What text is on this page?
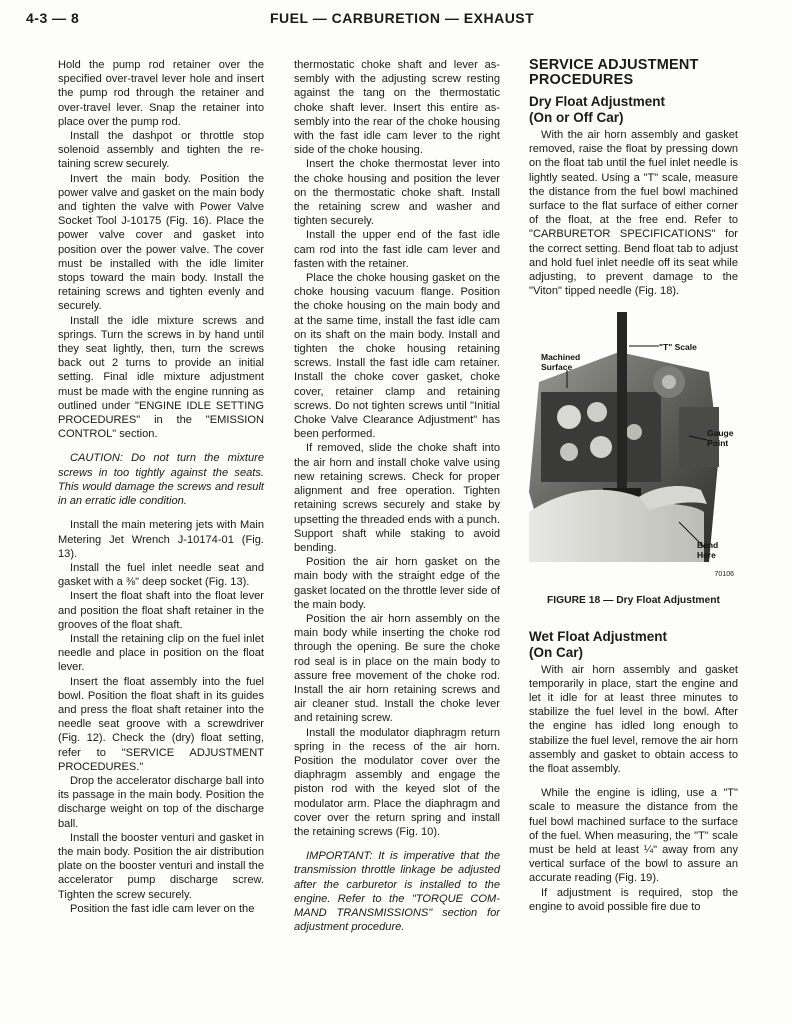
4-3 — 8	FUEL — CARBURETION — EXHAUST

Hold the pump rod retainer over the specified over-travel lever hole and insert the pump rod through the retainer and over-travel lever. Snap the retainer into place over the pump rod.

Install the dashpot or throttle stop solenoid assembly and tighten the retaining screw securely.

Invert the main body. Position the power valve and gasket on the main body and tighten the valve with Power Valve Socket Tool J-10175 (Fig. 16). Place the power valve cover and gasket into position over the power valve. The cover must be installed with the idle limiter stops toward the main body. Install the retaining screws and tighten evenly and securely.

Install the idle mixture screws and springs. Turn the screws in by hand until they seat lightly, then, turn the screws back out 2 turns to provide an initial setting. Final idle mixture adjustment must be made with the engine running as outlined under "ENGINE IDLE SETTING PROCEDURES" in the "EMISSION CONTROL" section.

CAUTION: Do not turn the mixture screws in too tightly against the seats. This would damage the screws and result in an erratic idle condition.

Install the main metering jets with Main Metering Jet Wrench J-10174-01 (Fig. 13).

Install the fuel inlet needle seat and gasket with a ⅜" deep socket (Fig. 13).

Insert the float shaft into the float lever and position the float shaft retainer in the grooves of the float shaft.

Install the retaining clip on the fuel inlet needle and place in position on the float lever.

Insert the float assembly into the fuel bowl. Position the float shaft in its guides and press the float shaft retainer into the needle seat groove with a screwdriver (Fig. 12). Check the (dry) float setting, refer to "SERVICE ADJUSTMENT PROCEDURES."

Drop the accelerator discharge ball into its passage in the main body. Position the discharge weight on top of the discharge ball.

Install the booster venturi and gasket in the main body. Position the air distribution plate on the booster venturi and install the accelerator pump discharge screw. Tighten the screw securely.

Position the fast idle cam lever on the

thermostatic choke shaft and lever assembly with the adjusting screw resting against the tang on the thermostatic choke shaft lever. Insert this entire assembly into the rear of the choke housing with the fast idle cam lever to the right side of the choke housing.

Insert the choke thermostat lever into the choke housing and position the lever on the thermostatic choke shaft. Install the retaining screw and washer and tighten securely.

Install the upper end of the fast idle cam rod into the fast idle cam lever and fasten with the retainer.

Place the choke housing gasket on the choke housing vacuum flange. Position the choke housing on the main body and at the same time, install the fast idle cam on its shaft on the main body. Install and tighten the choke housing retaining screws. Install the fast idle cam retainer. Install the choke cover gasket, choke cover, retainer clamp and retaining screws. Do not tighten screws until "Initial Choke Valve Clearance Adjustment" has been performed.

If removed, slide the choke shaft into the air horn and install choke valve using new retaining screws. Check for proper alignment and free operation. Tighten retaining screws securely and stake by upsetting the threaded ends with a punch. Support shaft while staking to avoid bending.

Position the air horn gasket on the main body with the straight edge of the gasket located on the throttle lever side of the main body.

Position the air horn assembly on the main body while inserting the choke rod through the opening. Be sure the choke rod seal is in place on the main body to assure free movement of the choke rod. Install the air horn retaining screws and air cleaner stud. Install the choke lever and retaining screw.

Install the modulator diaphragm return spring in the recess of the air horn. Position the modulator cover over the diaphragm assembly and engage the piston rod with the keyed slot of the modulator arm. Place the diaphragm and cover over the return spring and install the retaining screws (Fig. 10).

IMPORTANT: It is imperative that the transmission throttle linkage be adjusted after the carburetor is installed to the engine. Refer to the "TORQUE COMMAND TRANSMISSIONS" section for adjustment procedure.

SERVICE ADJUSTMENT
PROCEDURES
Dry Float Adjustment
(On or Off Car)

With the air horn assembly and gasket removed, raise the float by pressing down on the float tab until the fuel inlet needle is lightly seated. Using a "T" scale, measure the distance from the fuel bowl machined surface to the flat surface of either corner of the float, at the free end. Refer to "CARBURETOR SPECIFICATIONS" for the correct setting. Bend float tab to adjust and hold fuel inlet needle off its seat while adjusting, to prevent damage to the "Viton" tipped needle (Fig. 18).

"T" Scale
Machined
Surface
Gauge
Point
Bend
Here
70106
FIGURE 18 — Dry Float Adjustment
Wet Float Adjustment
(On Car)

With air horn assembly and gasket temporarily in place, start the engine and let it idle for at least three minutes to stabilize the fuel level in the bowl. After the engine has idled long enough to stabilize the fuel level, remove the air horn assembly and gasket to obtain access to the float assembly.

While the engine is idling, use a "T" scale to measure the distance from the fuel bowl machined surface to the surface of the fuel. When measuring, the "T" scale must be held at least ¼" away from any vertical surface of the bowl to assure an accurate reading (Fig. 19).

If adjustment is required, stop the engine to avoid possible fire due to
